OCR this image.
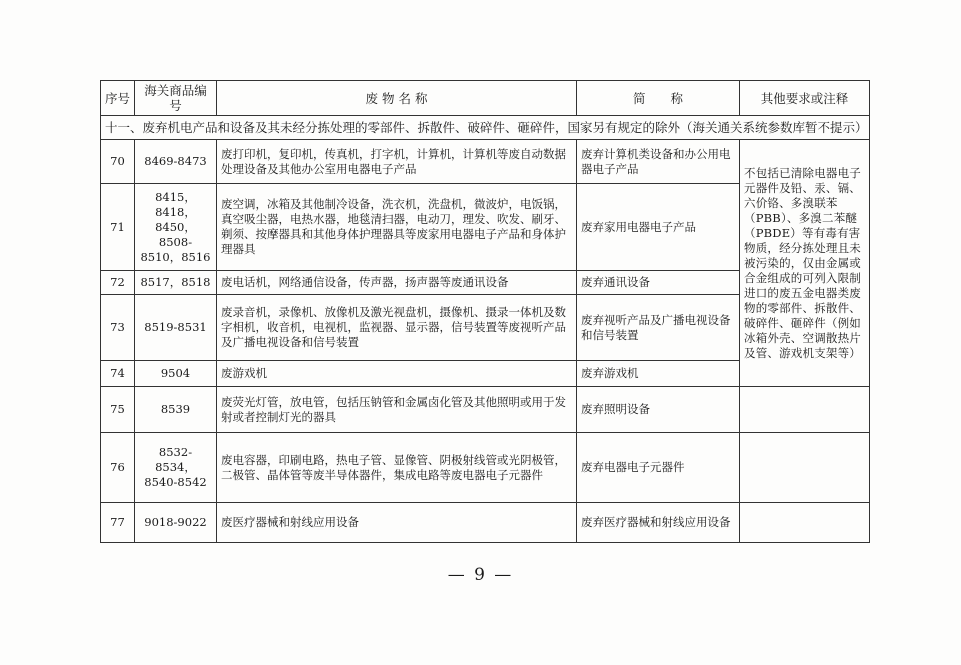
序号	海关商品编号	废 物 名 称	简　　称	其他要求或注释
十一、废弃机电产品和设备及其未经分拣处理的零部件、拆散件、破碎件、砸碎件，国家另有规定的除外（海关通关系统参数库暂不提示）				
70	8469-8473	废打印机，复印机，传真机，打字机，计算机，计算机等废自动数据处理设备及其他办公室用电器电子产品	废弃计算机类设备和办公用电器电子产品	不包括已清除电器电子元器件及铅、汞、镉、六价铬、多溴联苯（PBB）、多溴二苯醚（PBDE）等有毒有害物质，经分拣处理且未被污染的，仅由金属或合金组成的可列入限制进口的废五金电器类废物的零部件、拆散件、破碎件、砸碎件（例如冰箱外壳、空调散热片及管、游戏机支架等）
71	8415，8418，8450，8508-8510，8516	废空调，冰箱及其他制冷设备，洗衣机，洗盘机，微波炉，电饭锅，真空吸尘器，电热水器，地毯清扫器，电动刀，理发、吹发、刷牙、剃须、按摩器具和其他身体护理器具等废家用电器电子产品和身体护理器具	废弃家用电器电子产品	
72	8517，8518	废电话机，网络通信设备，传声器，扬声器等废通讯设备	废弃通讯设备	
73	8519-8531	废录音机，录像机、放像机及激光视盘机，摄像机、摄录一体机及数字相机，收音机，电视机，监视器、显示器，信号装置等废视听产品及广播电视设备和信号装置	废弃视听产品及广播电视设备和信号装置	
74	9504	废游戏机	废弃游戏机	
75	8539	废荧光灯管，放电管，包括压钠管和金属卤化管及其他照明或用于发射或者控制灯光的器具	废弃照明设备	
76	8532-8534，8540-8542	废电容器，印刷电路，热电子管、显像管、阴极射线管或光阴极管，二极管、晶体管等废半导体器件，集成电路等废电器电子元器件	废弃电器电子元器件	
77	9018-9022	废医疗器械和射线应用设备	废弃医疗器械和射线应用设备	
— 9 —
